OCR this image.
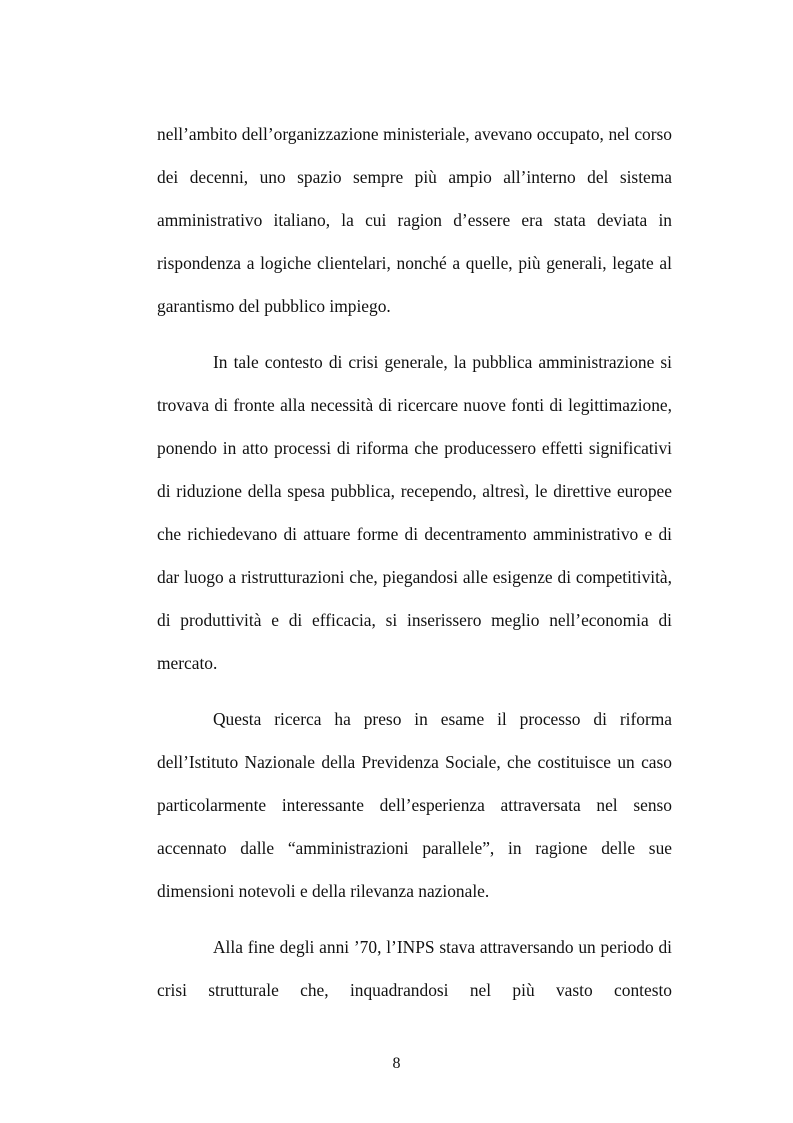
nell’ambito dell’organizzazione ministeriale, avevano occupato, nel corso dei decenni, uno spazio sempre più ampio all’interno del sistema amministrativo italiano, la cui ragion d’essere era stata deviata in rispondenza a logiche clientelari, nonché a quelle, più generali, legate al garantismo del pubblico impiego.

In tale contesto di crisi generale, la pubblica amministrazione si trovava di fronte alla necessità di ricercare nuove fonti di legittimazione, ponendo in atto processi di riforma che producessero effetti significativi di riduzione della spesa pubblica, recependo, altresì, le direttive europee che richiedevano di attuare forme di decentramento amministrativo e di dar luogo a ristrutturazioni che, piegandosi alle esigenze di competitività, di produttività e di efficacia, si inserissero meglio nell’economia di mercato.

Questa ricerca ha preso in esame il processo di riforma dell’Istituto Nazionale della Previdenza Sociale, che costituisce un caso particolarmente interessante dell’esperienza attraversata nel senso accennato dalle “amministrazioni parallele”, in ragione delle sue dimensioni notevoli e della rilevanza nazionale.

Alla fine degli anni ’70, l’INPS stava attraversando un periodo di crisi strutturale che, inquadrandosi nel più vasto contesto

8
